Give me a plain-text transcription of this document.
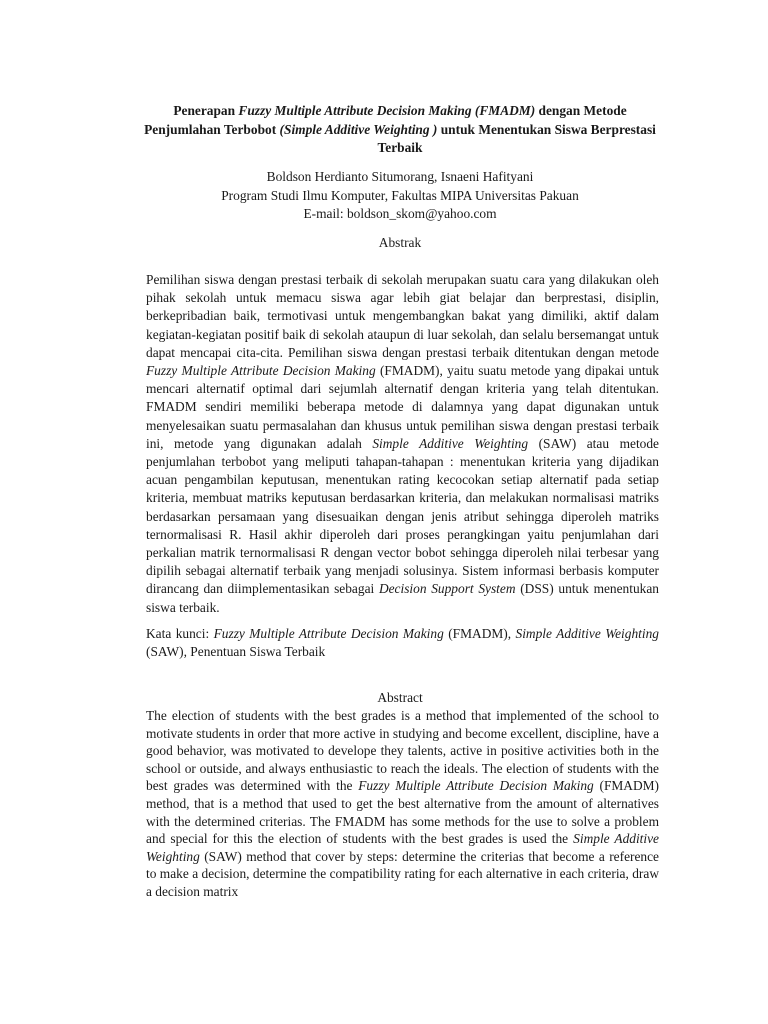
Penerapan Fuzzy Multiple Attribute Decision Making (FMADM) dengan Metode Penjumlahan Terbobot (Simple Additive Weighting ) untuk Menentukan Siswa Berprestasi Terbaik
Boldson Herdianto Situmorang, Isnaeni Hafityani
Program Studi Ilmu Komputer, Fakultas MIPA Universitas Pakuan
E-mail: boldson_skom@yahoo.com
Abstrak

Pemilihan siswa dengan prestasi terbaik di sekolah merupakan suatu cara yang dilakukan oleh pihak sekolah untuk memacu siswa agar lebih giat belajar dan berprestasi, disiplin, berkepribadian baik, termotivasi untuk mengembangkan bakat yang dimiliki, aktif dalam kegiatan-kegiatan positif baik di sekolah ataupun di luar sekolah, dan selalu bersemangat untuk dapat mencapai cita-cita. Pemilihan siswa dengan prestasi terbaik ditentukan dengan metode Fuzzy Multiple Attribute Decision Making (FMADM), yaitu suatu metode yang dipakai untuk mencari alternatif optimal dari sejumlah alternatif dengan kriteria yang telah ditentukan. FMADM sendiri memiliki beberapa metode di dalamnya yang dapat digunakan untuk menyelesaikan suatu permasalahan dan khusus untuk pemilihan siswa dengan prestasi terbaik ini, metode yang digunakan adalah Simple Additive Weighting (SAW) atau metode penjumlahan terbobot yang meliputi tahapan-tahapan : menentukan kriteria yang dijadikan acuan pengambilan keputusan, menentukan rating kecocokan setiap alternatif pada setiap kriteria, membuat matriks keputusan berdasarkan kriteria, dan melakukan normalisasi matriks berdasarkan persamaan yang disesuaikan dengan jenis atribut sehingga diperoleh matriks ternormalisasi R. Hasil akhir diperoleh dari proses perangkingan yaitu penjumlahan dari perkalian matrik ternormalisasi R dengan vector bobot sehingga diperoleh nilai terbesar yang dipilih sebagai alternatif terbaik yang menjadi solusinya. Sistem informasi berbasis komputer dirancang dan diimplementasikan sebagai Decision Support System (DSS) untuk menentukan siswa terbaik.

Kata kunci: Fuzzy Multiple Attribute Decision Making (FMADM), Simple Additive Weighting (SAW), Penentuan Siswa Terbaik

Abstract

The election of students with the best grades is a method that implemented of the school to motivate students in order that more active in studying and become excellent, discipline, have a good behavior, was motivated to develope they talents, active in positive activities both in the school or outside, and always enthusiastic to reach the ideals. The election of students with the best grades was determined with the Fuzzy Multiple Attribute Decision Making (FMADM) method, that is a method that used to get the best alternative from the amount of alternatives with the determined criterias. The FMADM has some methods for the use to solve a problem and special for this the election of students with the best grades is used the Simple Additive Weighting (SAW) method that cover by steps: determine the criterias that become a reference to make a decision, determine the compatibility rating for each alternative in each criteria, draw a decision matrix
